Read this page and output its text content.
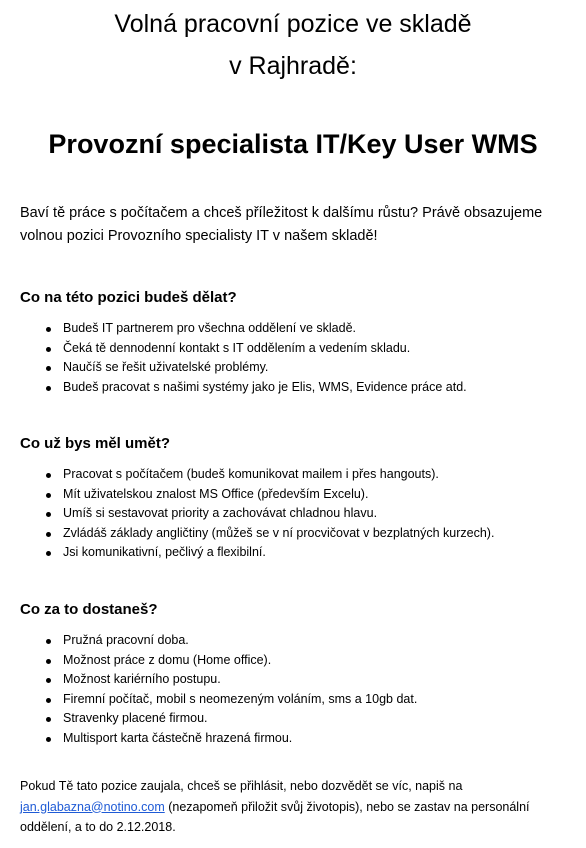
Volná pracovní pozice ve skladě
v Rajhradě:
Provozní specialista IT/Key User WMS

Baví tě práce s počítačem a chceš příležitost k dalšímu růstu? Právě obsazujeme volnou pozici Provozního specialisty IT v našem skladě!

Co na této pozici budeš dělat?
Budeš IT partnerem pro všechna oddělení ve skladě.
Čeká tě dennodenní kontakt s IT oddělením a vedením skladu.
Naučíš se řešit uživatelské problémy.
Budeš pracovat s našimi systémy jako je Elis, WMS, Evidence práce atd.
Co už bys měl umět?
Pracovat s počítačem (budeš komunikovat mailem i přes hangouts).
Mít uživatelskou znalost MS Office (především Excelu).
Umíš si sestavovat priority a zachovávat chladnou hlavu.
Zvládáš základy angličtiny (můžeš se v ní procvičovat v bezplatných kurzech).
Jsi komunikativní, pečlivý a flexibilní.
Co za to dostaneš?
Pružná pracovní doba.
Možnost práce z domu (Home office).
Možnost kariérního postupu.
Firemní počítač, mobil s neomezeným voláním, sms a 10gb dat.
Stravenky placené firmou.
Multisport karta částečně hrazená firmou.

Pokud Tě tato pozice zaujala, chceš se přihlásit, nebo dozvědět se víc, napiš na jan.glabazna@notino.com (nezapomeň přiložit svůj životopis), nebo se zastav na personální oddělení, a to do 2.12.2018.
